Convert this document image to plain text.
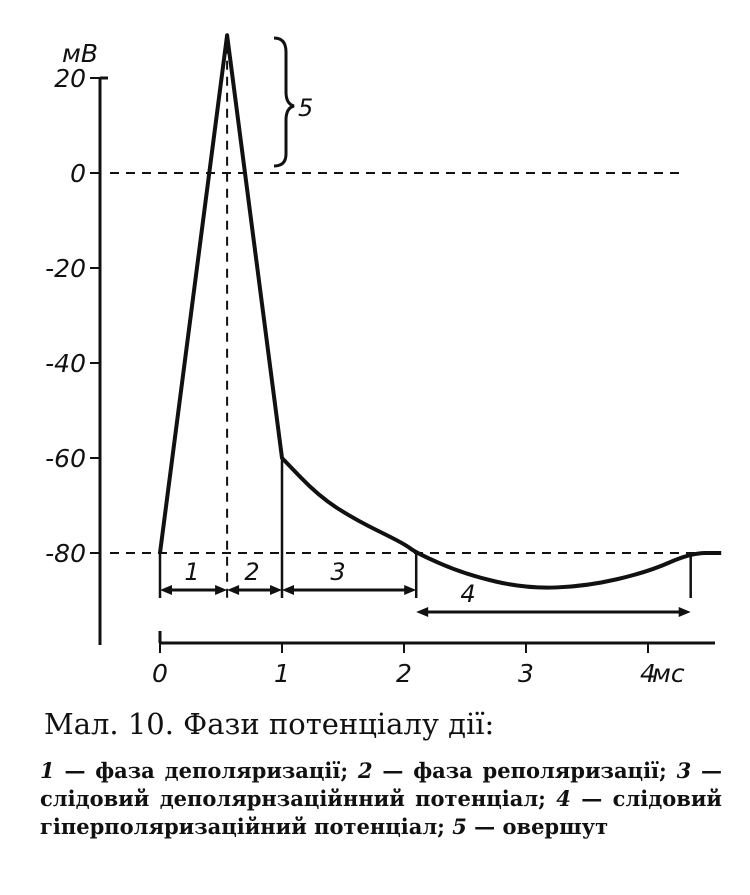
мВ
мс
20
0
-20
-40
-60
-80
0	1	2	3	4
1 2	3
4
5
Мал. 10. Фази потенціалу дії:
1 — фаза деполяризації; 2 — фаза реполяризації; 3 — слідовий деполярнзаційнний потенціал; 4 — слідовий гіперполяризаційний потенціал; 5 — овершут
